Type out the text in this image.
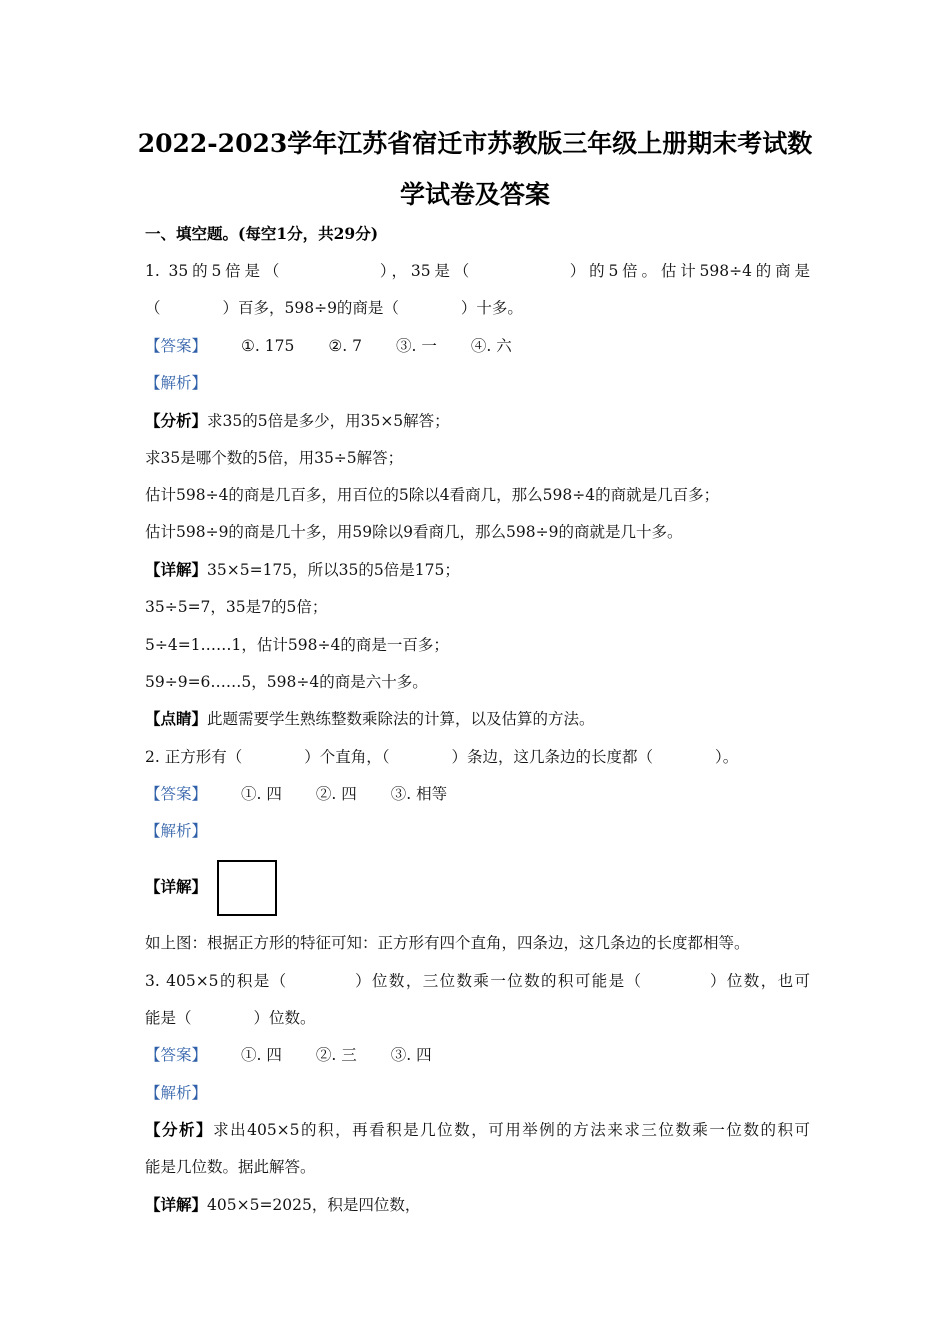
2022-2023学年江苏省宿迁市苏教版三年级上册期末考试数
学试卷及答案
一、填空题。(每空1分，共29分)
1. 35的5倍是（　　　　　），35是（　　　　　）的5倍。估计598÷4的商是
（　　　　）百多，598÷9的商是（　　　　）十多。
【答案】 ①. 175 ②. 7 ③. 一 ④. 六
【解析】
【分析】求35的5倍是多少，用35×5解答；
求35是哪个数的5倍，用35÷5解答；
估计598÷4的商是几百多，用百位的5除以4看商几，那么598÷4的商就是几百多；
估计598÷9的商是几十多，用59除以9看商几，那么598÷9的商就是几十多。
【详解】35×5=175，所以35的5倍是175；
35÷5=7，35是7的5倍；
5÷4=1……1，估计598÷4的商是一百多；
59÷9=6……5，598÷4的商是六十多。
【点睛】此题需要学生熟练整数乘除法的计算，以及估算的方法。
2. 正方形有（　　　　）个直角，（　　　　）条边，这几条边的长度都（　　　　）。
【答案】 ①. 四 ②. 四 ③. 相等
【解析】
【详解】
如上图：根据正方形的特征可知：正方形有四个直角，四条边，这几条边的长度都相等。
3. 405×5的积是（　　　　）位数，三位数乘一位数的积可能是（　　　　）位数，也可
能是（　　　　）位数。
【答案】 ①. 四 ②. 三 ③. 四
【解析】
【分析】求出405×5的积，再看积是几位数，可用举例的方法来求三位数乘一位数的积可
能是几位数。据此解答。
【详解】405×5=2025，积是四位数，
